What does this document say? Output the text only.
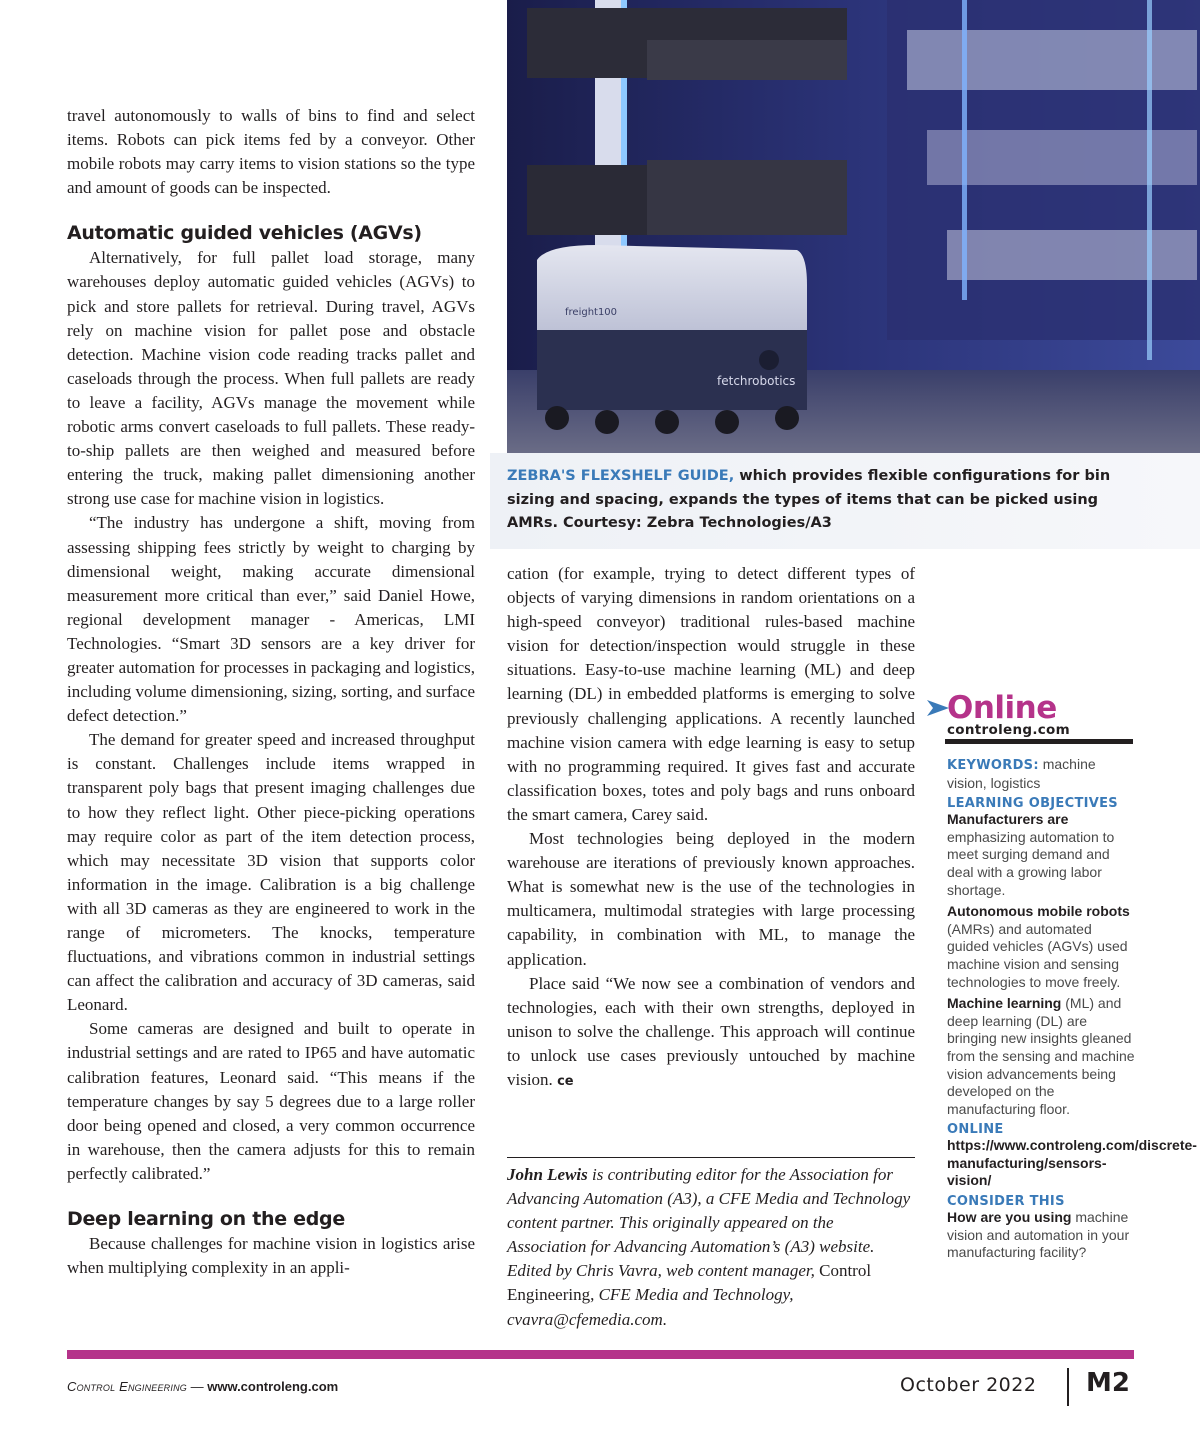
travel autonomously to walls of bins to find and select items. Robots can pick items fed by a conveyor. Other mobile robots may carry items to vision stations so the type and amount of goods can be inspected.

Automatic guided vehicles (AGVs)

Alternatively, for full pallet load storage, many warehouses deploy automatic guided vehicles (AGVs) to pick and store pallets for retrieval. During travel, AGVs rely on machine vision for pallet pose and obstacle detection. Machine vision code reading tracks pallet and caseloads through the process. When full pallets are ready to leave a facility, AGVs manage the movement while robotic arms convert caseloads to full pallets. These ready-to-ship pallets are then weighed and measured before entering the truck, making pallet dimensioning another strong use case for machine vision in logistics.

“The industry has undergone a shift, moving from assessing shipping fees strictly by weight to charging by dimensional weight, making accurate dimensional measurement more critical than ever,” said Daniel Howe, regional development manager - Americas, LMI Technologies. “Smart 3D sensors are a key driver for greater automation for processes in packaging and logistics, including volume dimensioning, sizing, sorting, and surface defect detection.”

The demand for greater speed and increased throughput is constant. Challenges include items wrapped in transparent poly bags that present imaging challenges due to how they reflect light. Other piece-picking operations may require color as part of the item detection process, which may necessitate 3D vision that supports color information in the image. Calibration is a big challenge with all 3D cameras as they are engineered to work in the range of micrometers. The knocks, temperature fluctuations, and vibrations common in industrial settings can affect the calibration and accuracy of 3D cameras, said Leonard.

Some cameras are designed and built to operate in industrial settings and are rated to IP65 and have automatic calibration features, Leonard said. “This means if the temperature changes by say 5 degrees due to a large roller door being opened and closed, a very common occurrence in warehouse, then the camera adjusts for this to remain perfectly calibrated.”

Deep learning on the edge

Because challenges for machine vision in logistics arise when multiplying complexity in an appli-

freight100
fetchrobotics
ZEBRA'S FLEXSHELF GUIDE, which provides flexible configurations for bin sizing and spacing, expands the types of items that can be picked using AMRs. Courtesy: Zebra Technologies/A3

cation (for example, trying to detect different types of objects of varying dimensions in random orientations on a high-speed conveyor) traditional rules-based machine vision for detection/inspection would struggle in these situations. Easy-to-use machine learning (ML) and deep learning (DL) in embedded platforms is emerging to solve previously challenging applications. A recently launched machine vision camera with edge learning is easy to setup with no programming required. It gives fast and accurate classification boxes, totes and poly bags and runs onboard the smart camera, Carey said.

Most technologies being deployed in the modern warehouse are iterations of previously known approaches. What is somewhat new is the use of the technologies in multicamera, multimodal strategies with large processing capability, in combination with ML, to manage the application.

Place said “We now see a combination of vendors and technologies, each with their own strengths, deployed in unison to solve the challenge. This approach will continue to unlock use cases previously untouched by machine vision. ce

John Lewis is contributing editor for the Association for Advancing Automation (A3), a CFE Media and Technology content partner. This originally appeared on the Association for Advancing Automation’s (A3) website. Edited by Chris Vavra, web content manager, Control Engineering, CFE Media and Technology, cvavra@cfemedia.com.

Online
controleng.com

KEYWORDS: machine vision, logistics

LEARNING OBJECTIVES

Manufacturers are emphasizing automation to meet surging demand and deal with a growing labor shortage.

Autonomous mobile robots (AMRs) and automated guided vehicles (AGVs) used machine vision and sensing technologies to move freely.

Machine learning (ML) and deep learning (DL) are bringing new insights gleaned from the sensing and machine vision advancements being developed on the manufacturing floor.

ONLINE

https://www.controleng.com/discrete-manufacturing/sensors-vision/

CONSIDER THIS

How are you using machine vision and automation in your manufacturing facility?

Control Engineering — www.controleng.com	October 2022 M2
